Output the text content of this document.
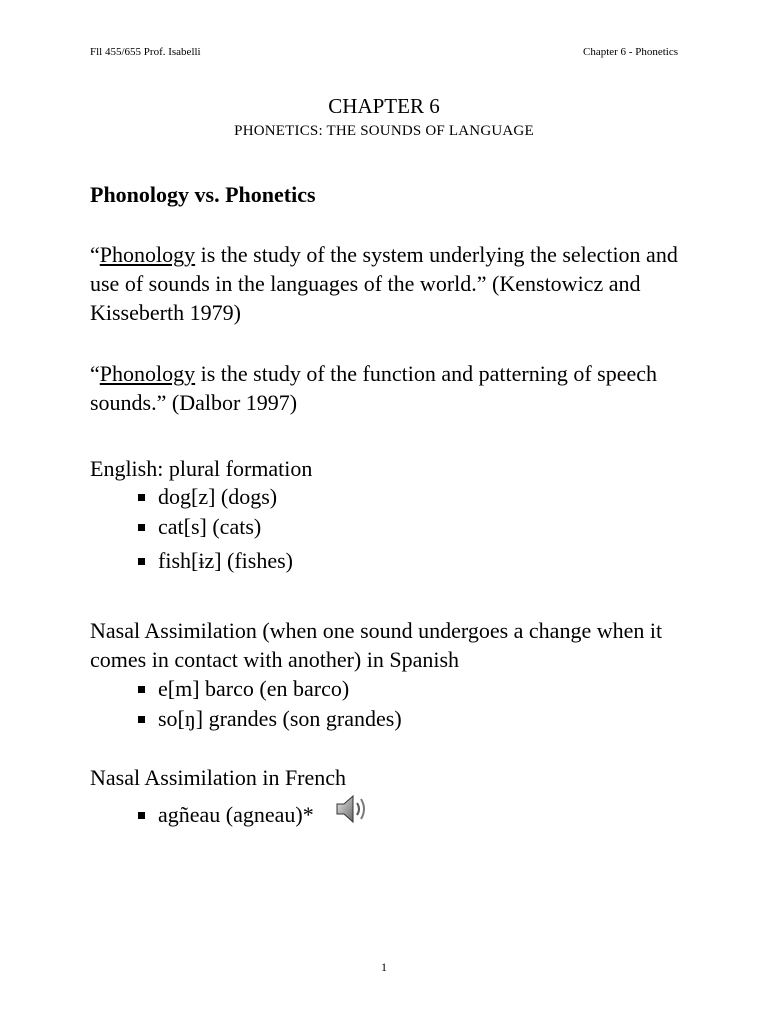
Fll 455/655 Prof. Isabelli	Chapter 6 - Phonetics
CHAPTER 6
PHONETICS: THE SOUNDS OF LANGUAGE
Phonology vs. Phonetics
“Phonology is the study of the system underlying the selection and use of sounds in the languages of the world.” (Kenstowicz and Kisseberth 1979)
“Phonology is the study of the function and patterning of speech sounds.” (Dalbor 1997)
English: plural formation
dog[z] (dogs)
cat[s] (cats)
fish[ɨz] (fishes)
Nasal Assimilation (when one sound undergoes a change when it comes in contact with another) in Spanish
e[m] barco (en barco)
so[ŋ] grandes (son grandes)
Nasal Assimilation in French
agñeau (agneau)*
1
